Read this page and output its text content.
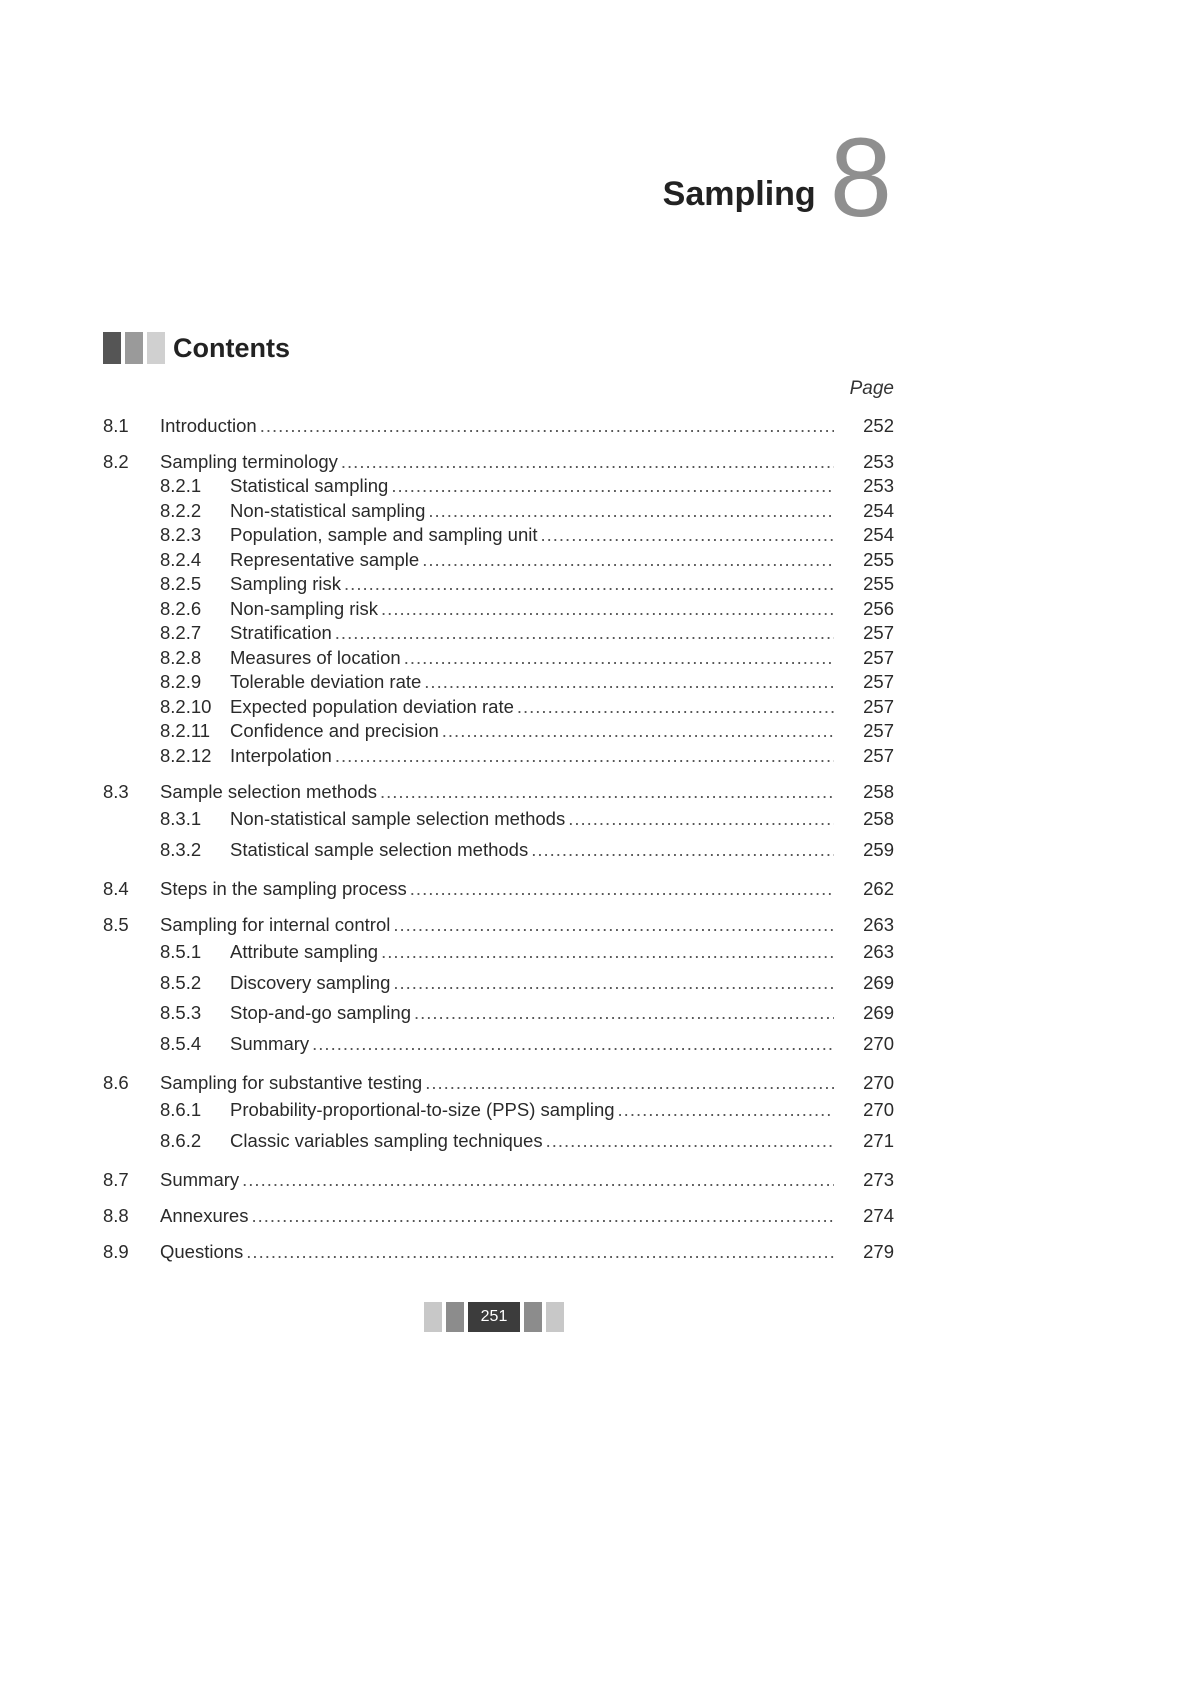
Sampling 8
Contents
Page
8.1	Introduction .....	252
8.2	Sampling terminology .....	253
8.2.1	Statistical sampling .....	253
8.2.2	Non-statistical sampling .....	254
8.2.3	Population, sample and sampling unit .....	254
8.2.4	Representative sample .....	255
8.2.5	Sampling risk .....	255
8.2.6	Non-sampling risk .....	256
8.2.7	Stratification .....	257
8.2.8	Measures of location .....	257
8.2.9	Tolerable deviation rate .....	257
8.2.10	Expected population deviation rate .....	257
8.2.11	Confidence and precision .....	257
8.2.12	Interpolation .....	257
8.3	Sample selection methods .....	258
8.3.1	Non-statistical sample selection methods .....	258
8.3.2	Statistical sample selection methods .....	259
8.4	Steps in the sampling process .....	262
8.5	Sampling for internal control .....	263
8.5.1	Attribute sampling .....	263
8.5.2	Discovery sampling .....	269
8.5.3	Stop-and-go sampling .....	269
8.5.4	Summary .....	270
8.6	Sampling for substantive testing .....	270
8.6.1	Probability-proportional-to-size (PPS) sampling .....	270
8.6.2	Classic variables sampling techniques .....	271
8.7	Summary .....	273
8.8	Annexures .....	274
8.9	Questions .....	279
251
